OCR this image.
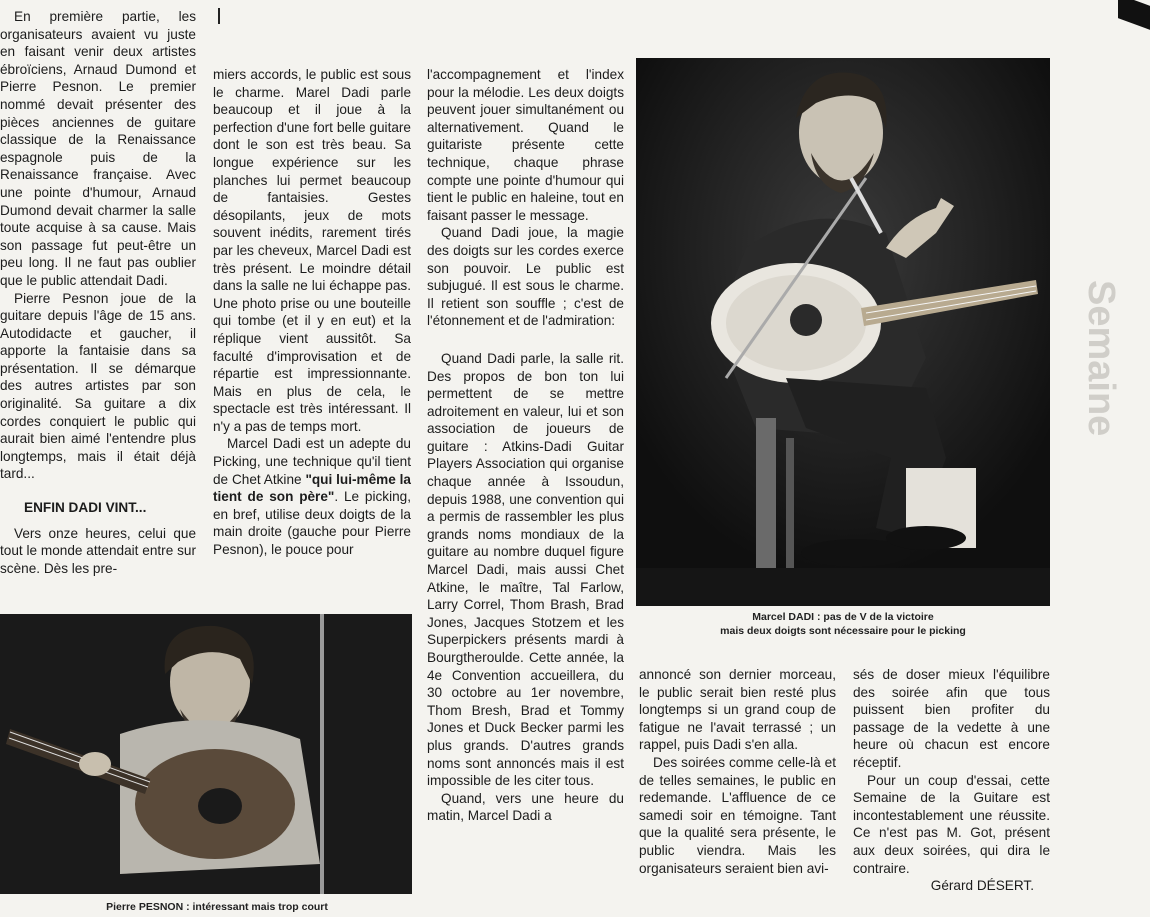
En première partie, les organisateurs avaient vu juste en faisant venir deux artistes ébroïciens, Arnaud Dumond et Pierre Pesnon. Le premier nommé devait présenter des pièces anciennes de guitare classique de la Renaissance espagnole puis de la Renaissance française. Avec une pointe d'humour, Arnaud Dumond devait charmer la salle toute acquise à sa cause. Mais son passage fut peut-être un peu long. Il ne faut pas oublier que le public attendait Dadi.

Pierre Pesnon joue de la guitare depuis l'âge de 15 ans. Autodidacte et gaucher, il apporte la fantaisie dans sa présentation. Il se démarque des autres artistes par son originalité. Sa guitare a dix cordes conquiert le public qui aurait bien aimé l'entendre plus longtemps, mais il était déjà tard...

ENFIN DADI VINT...

Vers onze heures, celui que tout le monde attendait entre sur scène. Dès les pre-

miers accords, le public est sous le charme. Marel Dadi parle beaucoup et il joue à la perfection d'une fort belle guitare dont le son est très beau. Sa longue expérience sur les planches lui permet beaucoup de fantaisies. Gestes désopilants, jeux de mots souvent inédits, rarement tirés par les cheveux, Marcel Dadi est très présent. Le moindre détail dans la salle ne lui échappe pas. Une photo prise ou une bouteille qui tombe (et il y en eut) et la réplique vient aussitôt. Sa faculté d'improvisation et de répartie est impressionnante. Mais en plus de cela, le spectacle est très intéressant. Il n'y a pas de temps mort.

Marcel Dadi est un adepte du Picking, une technique qu'il tient de Chet Atkine "qui lui-même la tient de son père". Le picking, en bref, utilise deux doigts de la main droite (gauche pour Pierre Pesnon), le pouce pour

l'accompagnement et l'index pour la mélodie. Les deux doigts peuvent jouer simultanément ou alternativement. Quand le guitariste présente cette technique, chaque phrase compte une pointe d'humour qui tient le public en haleine, tout en faisant passer le message.

Quand Dadi joue, la magie des doigts sur les cordes exerce son pouvoir. Le public est subjugué. Il est sous le charme. Il retient son souffle ; c'est de l'étonnement et de l'admiration:

Quand Dadi parle, la salle rit. Des propos de bon ton lui permettent de se mettre adroitement en valeur, lui et son association de joueurs de guitare : Atkins-Dadi Guitar Players Association qui organise chaque année à Issoudun, depuis 1988, une convention qui a permis de rassembler les plus grands noms mondiaux de la guitare au nombre duquel figure Marcel Dadi, mais aussi Chet Atkine, le maître, Tal Farlow, Larry Correl, Thom Brash, Brad Jones, Jacques Stotzem et les Superpickers présents mardi à Bourgtheroulde. Cette année, la 4e Convention accueillera, du 30 octobre au 1er novembre, Thom Bresh, Brad et Tommy Jones et Duck Becker parmi les plus grands. D'autres grands noms sont annoncés mais il est impossible de les citer tous.

Quand, vers une heure du matin, Marcel Dadi a

annoncé son dernier morceau, le public serait bien resté plus longtemps si un grand coup de fatigue ne l'avait terrassé ; un rappel, puis Dadi s'en alla.

Des soirées comme celle-là et de telles semaines, le public en redemande. L'affluence de ce samedi soir en témoigne. Tant que la qualité sera présente, le public viendra. Mais les organisateurs seraient bien avi-

sés de doser mieux l'équilibre des soirée afin que tous puissent bien profiter du passage de la vedette à une heure où chacun est encore réceptif.

Pour un coup d'essai, cette Semaine de la Guitare est incontestablement une réussite. Ce n'est pas M. Got, présent aux deux soirées, qui dira le contraire.

Gérard DÉSERT.

Marcel DADI : pas de V de la victoire
mais deux doigts sont nécessaire pour le picking
Semaine
Pierre PESNON : intéressant mais trop court
